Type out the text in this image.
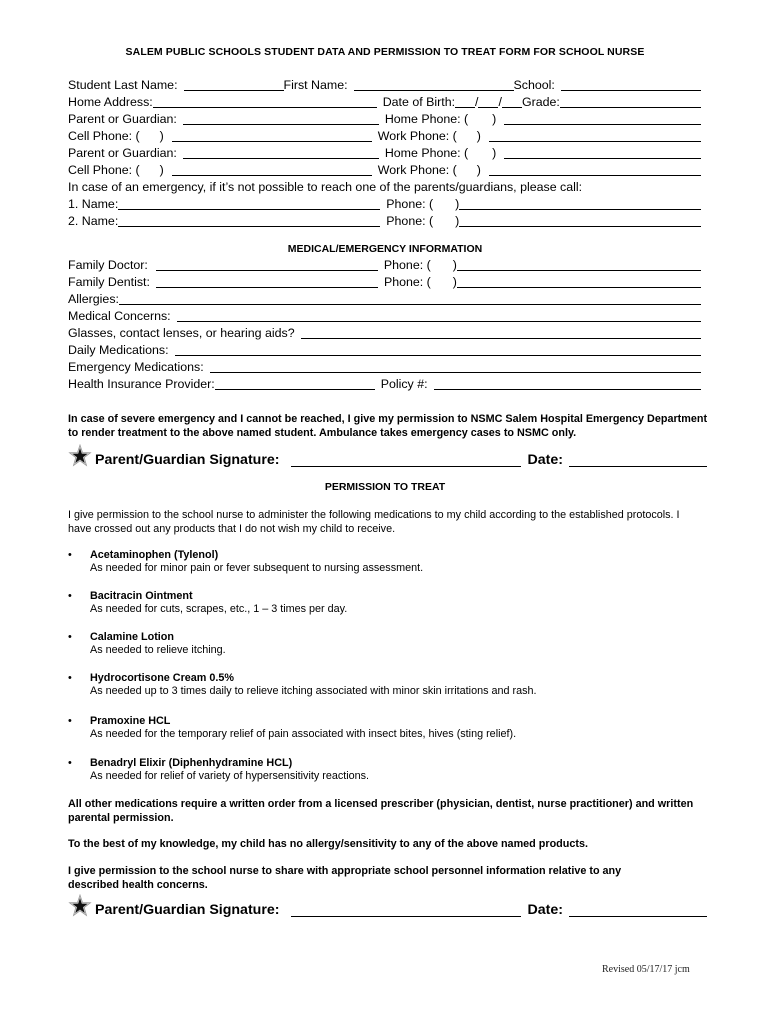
SALEM PUBLIC SCHOOLS STUDENT DATA AND PERMISSION TO TREAT FORM FOR SCHOOL NURSE
Student Last Name:	First Name:	School:
Home Address:	Date of Birth: / / Grade:
Parent or Guardian:	Home Phone: ( )
Cell Phone: ( )	Work Phone: ( )
Parent or Guardian:	Home Phone: ( )
Cell Phone: ( )	Work Phone: ( )
In case of an emergency, if it’s not possible to reach one of the parents/guardians, please call:
1. Name:	Phone: ( )
2. Name:	Phone: ( )
MEDICAL/EMERGENCY INFORMATION
Family Doctor:	Phone: ( )
Family Dentist:	Phone: ( )
Allergies:
Medical Concerns:
Glasses, contact lenses, or hearing aids?
Daily Medications:
Emergency Medications:
Health Insurance Provider:	Policy #:
In case of severe emergency and I cannot be reached, I give my permission to NSMC Salem Hospital Emergency Department to render treatment to the above named student. Ambulance takes emergency cases to NSMC only.
Parent/Guardian Signature:	Date:
PERMISSION TO TREAT
I give permission to the school nurse to administer the following medications to my child according to the established protocols. I have crossed out any products that I do not wish my child to receive.
•	Acetaminophen (Tylenol)
As needed for minor pain or fever subsequent to nursing assessment.
•	Bacitracin Ointment
As needed for cuts, scrapes, etc., 1 – 3 times per day.
•	Calamine Lotion
As needed to relieve itching.
•	Hydrocortisone Cream 0.5%
As needed up to 3 times daily to relieve itching associated with minor skin irritations and rash.
•	Pramoxine HCL
As needed for the temporary relief of pain associated with insect bites, hives (sting relief).
•	Benadryl Elixir (Diphenhydramine HCL)
As needed for relief of variety of hypersensitivity reactions.
All other medications require a written order from a licensed prescriber (physician, dentist, nurse practitioner) and written parental permission.
To the best of my knowledge, my child has no allergy/sensitivity to any of the above named products.
I give permission to the school nurse to share with appropriate school personnel information relative to any described health concerns.
Parent/Guardian Signature:	Date:
Revised 05/17/17 jcm
